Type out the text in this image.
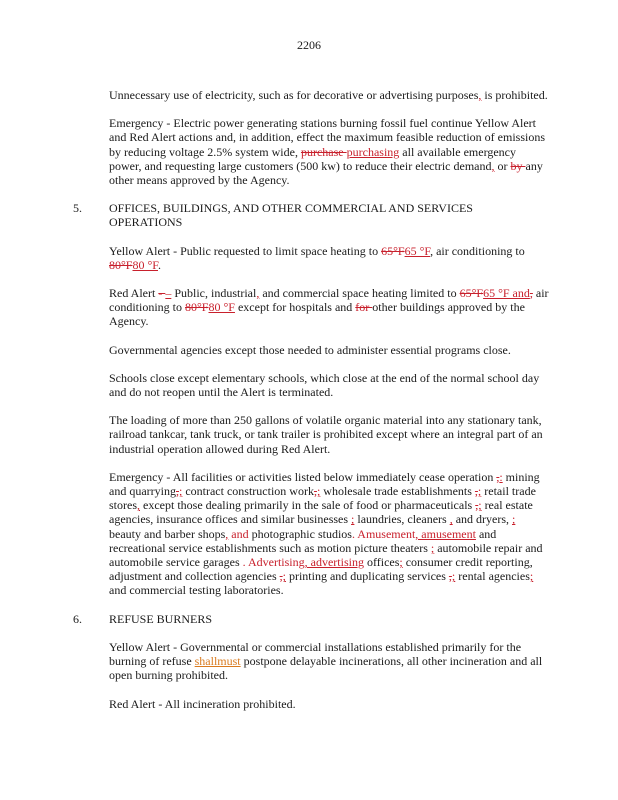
2206

Unnecessary use of electricity, such as for decorative or advertising purposes, is prohibited.

Emergency - Electric power generating stations burning fossil fuel continue Yellow Alert and Red Alert actions and, in addition, effect the maximum feasible reduction of emissions by reducing voltage 2.5% system wide, purchase purchasing all available emergency power, and requesting large customers (500 kw) to reduce their electric demand, or by any other means approved by the Agency.

5. OFFICES, BUILDINGS, AND OTHER COMMERCIAL AND SERVICES OPERATIONS

Yellow Alert - Public requested to limit space heating to 65°F65 °F, air conditioning to 80°F80 °F.

Red Alert - – Public, industrial, and commercial space heating limited to 65°F65 °F and, air conditioning to 80°F80 °F except for hospitals and for other buildings approved by the Agency.

Governmental agencies except those needed to administer essential programs close.

Schools close except elementary schools, which close at the end of the normal school day and do not reopen until the Alert is terminated.

The loading of more than 250 gallons of volatile organic material into any stationary tank, railroad tankcar, tank truck, or tank trailer is prohibited except where an integral part of an industrial operation allowed during Red Alert.

Emergency - All facilities or activities listed below immediately cease operation ,: mining and quarrying,; contract construction work,; wholesale trade establishments ,; retail trade stores, except those dealing primarily in the sale of food or pharmaceuticals ,; real estate agencies, insurance offices and similar businesses ; laundries, cleaners , and dryers, ; beauty and barber shops, and photographic studios. Amusement, amusement and recreational service establishments such as motion picture theaters ; automobile repair and automobile service garages . Advertising, advertising offices; consumer credit reporting, adjustment and collection agencies ,; printing and duplicating services ,; rental agencies; and commercial testing laboratories.

6. REFUSE BURNERS

Yellow Alert - Governmental or commercial installations established primarily for the burning of refuse shallmust postpone delayable incinerations, all other incineration and all open burning prohibited.

Red Alert - All incineration prohibited.
